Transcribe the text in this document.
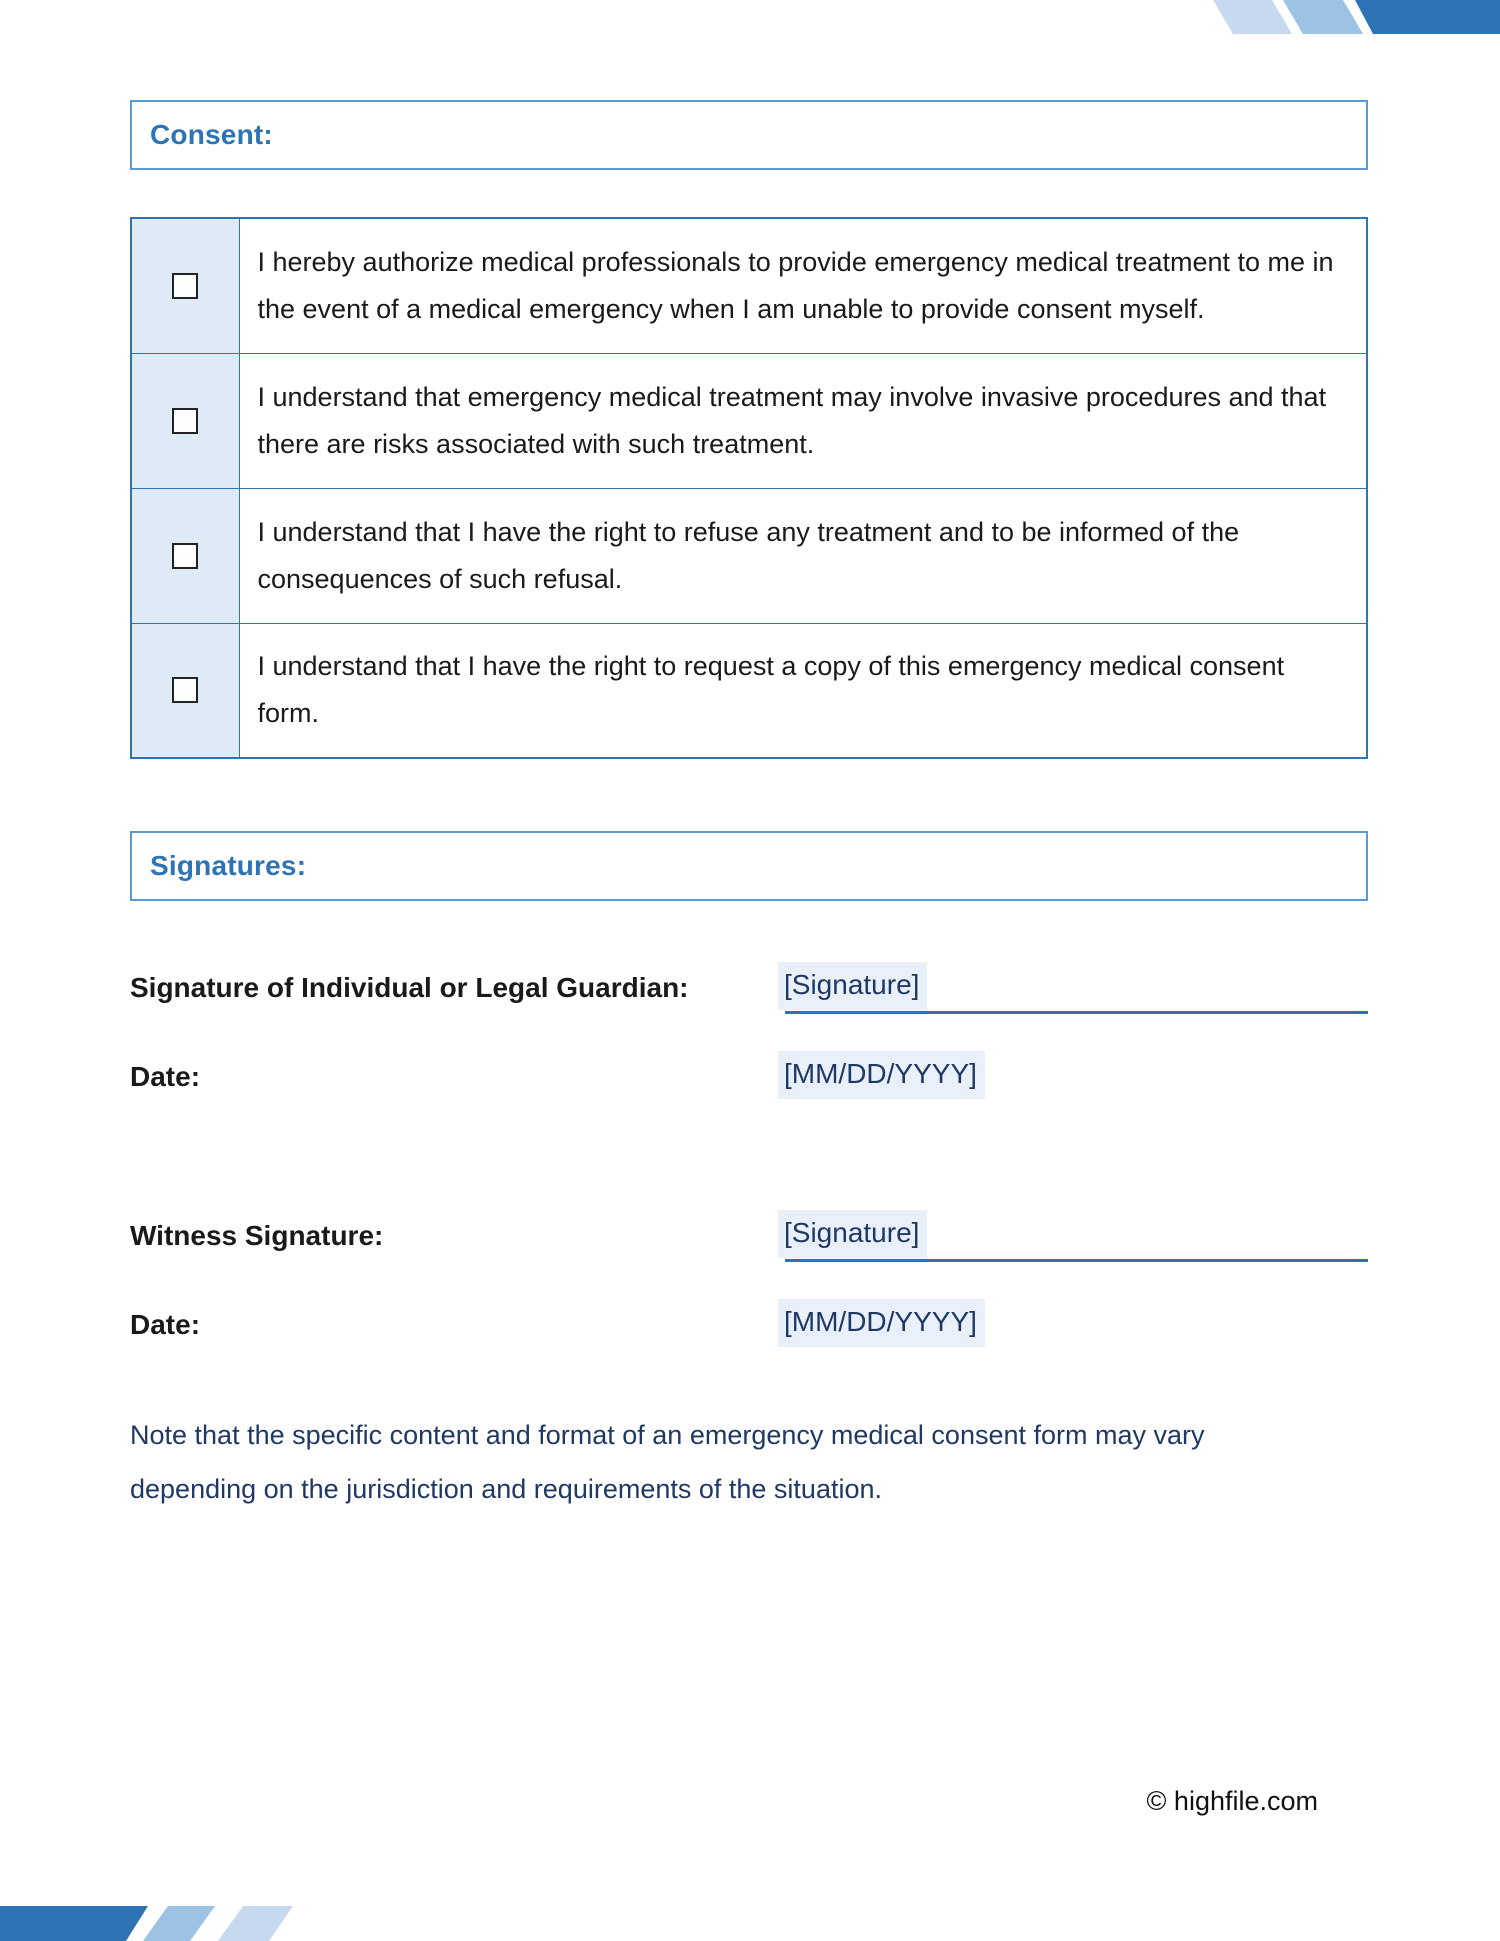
Consent:
	I hereby authorize medical professionals to provide emergency medical treatment to me in the event of a medical emergency when I am unable to provide consent myself.

	I understand that emergency medical treatment may involve invasive procedures and that there are risks associated with such treatment.

	I understand that I have the right to refuse any treatment and to be informed of the consequences of such refusal.

	I understand that I have the right to request a copy of this emergency medical consent form.
Signatures:
Signature of Individual or Legal Guardian:	[Signature]
Date:	[MM/DD/YYYY]
Witness Signature:	[Signature]
Date:	[MM/DD/YYYY]
Note that the specific content and format of an emergency medical consent form may vary depending on the jurisdiction and requirements of the situation.
© highfile.com
